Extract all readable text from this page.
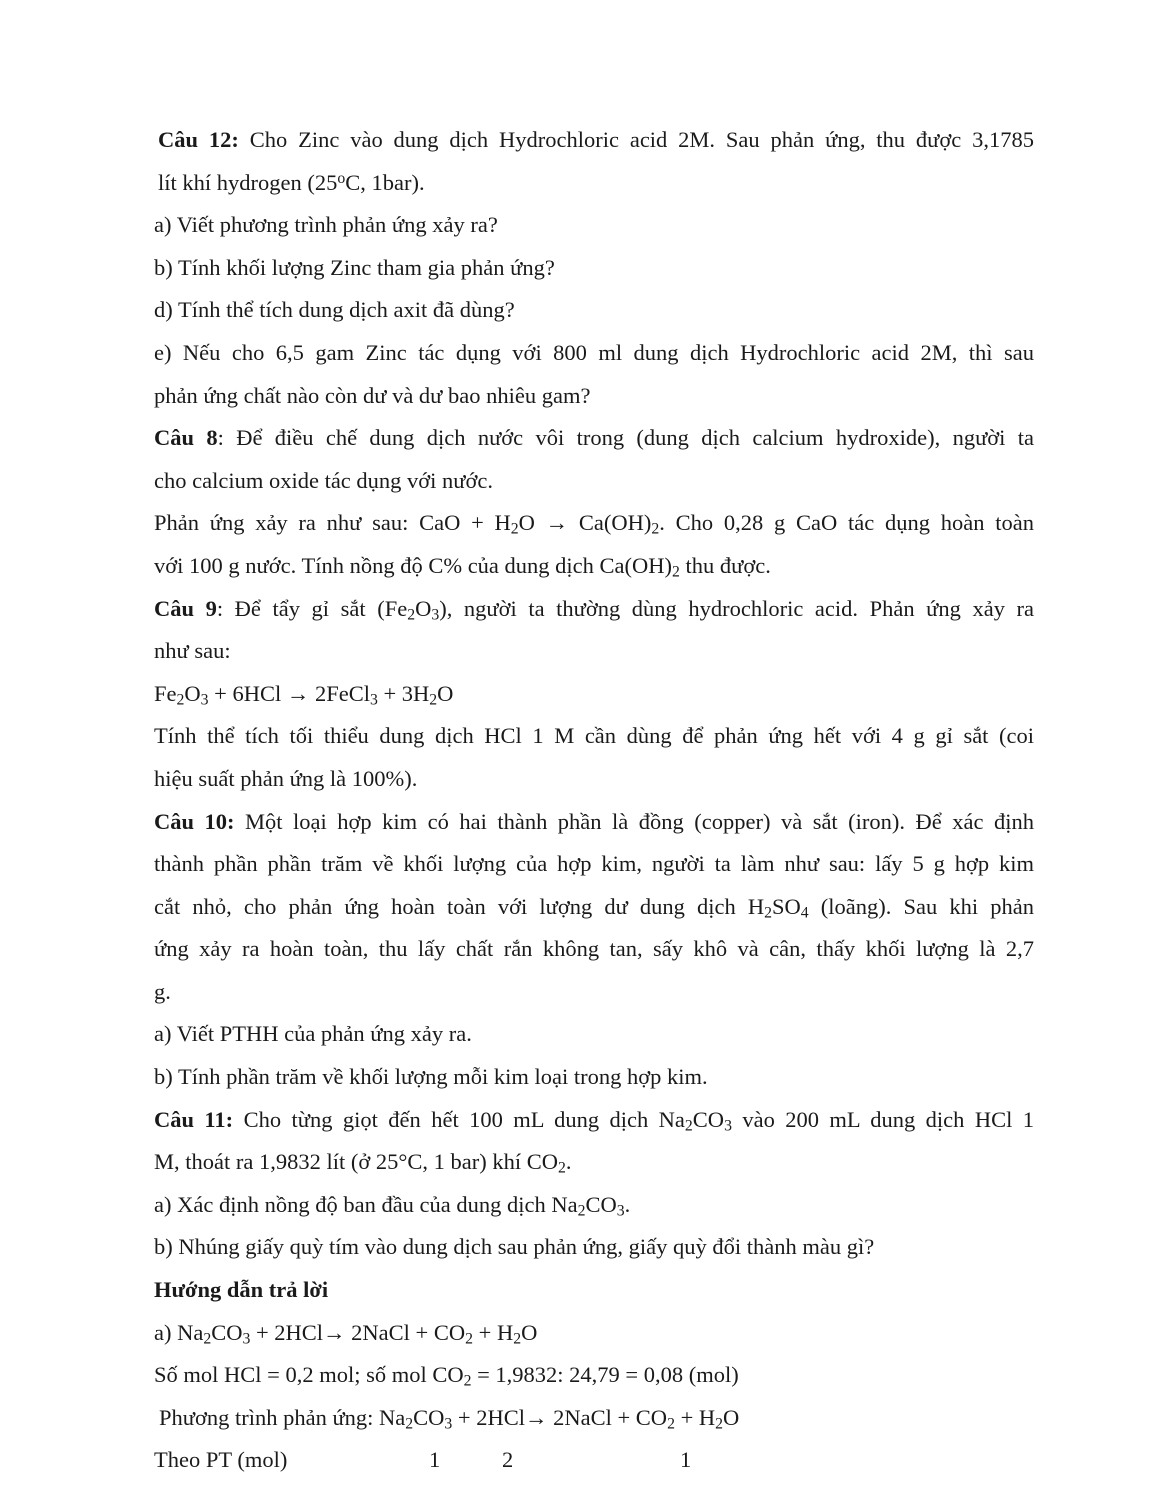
Câu 12: Cho Zinc vào dung dịch Hydrochloric acid 2M. Sau phản ứng, thu được 3,1785
lít khí hydrogen (25$^o$C, 1bar).
a) Viết phương trình phản ứng xảy ra?
b) Tính khối lượng Zinc tham gia phản ứng?
d) Tính thể tích dung dịch axit đã dùng?
e) Nếu cho 6,5 gam Zinc tác dụng với 800 ml dung dịch Hydrochloric acid 2M, thì sau
phản ứng chất nào còn dư và dư bao nhiêu gam?
Câu 8: Để điều chế dung dịch nước vôi trong (dung dịch calcium hydroxide), người ta
cho calcium oxide tác dụng với nước.
Phản ứng xảy ra như sau: CaO + $H_2O \to Ca(OH)_2$. Cho 0,28 g CaO tác dụng hoàn toàn
với 100 g nước. Tính nồng độ C% của dung dịch $Ca(OH)_2$ thu được.
Câu 9: Để tẩy gỉ sắt $(Fe_2O_3)$, người ta thường dùng hydrochloric acid. Phản ứng xảy ra
như sau:
$Fe_2O_3 + 6HCl$ → 2FeCl$_3$ + $3H_2O$
Tính thể tích tối thiểu dung dịch HCl 1 M cần dùng để phản ứng hết với 4 g gỉ sắt (coi
hiệu suất phản ứng là 100%).
Câu 10: Một loại hợp kim có hai thành phần là đồng (copper) và sắt (iron). Để xác định
thành phần phần trăm về khối lượng của hợp kim, người ta làm như sau: lấy 5 g hợp kim
cắt nhỏ, cho phản ứng hoàn toàn với lượng dư dung dịch $H_2SO_4$ (loãng). Sau khi phản
ứng xảy ra hoàn toàn, thu lấy chất rắn không tan, sấy khô và cân, thấy khối lượng là 2,7
g.
a) Viết PTHH của phản ứng xảy ra.
b) Tính phần trăm về khối lượng mỗi kim loại trong hợp kim.
Câu 11: Cho từng giọt đến hết 100 mL dung dịch $Na_2CO_3$ vào 200 mL dung dịch HCl 1
M, thoát ra 1,9832 lít (ở 25°C, 1 bar) khí $CO_2$.
a) Xác định nồng độ ban đầu của dung dịch $Na_2CO_3$.
b) Nhúng giấy quỳ tím vào dung dịch sau phản ứng, giấy quỳ đổi thành màu gì?
Hướng dẫn trả lời
a) $Na_2CO_3 + 2HCl\to$ 2NaCl + $CO_2 + H_2O$
Số mol HCl = 0,2 mol; số mol $CO_2 = 1,9832$: 24,79 = 0,08 (mol)
Phương trình phản ứng: $Na_2CO_3 + 2HCl\to$ 2NaCl + $CO_2 + H_2O$
Theo PT (mol)	1	2	1
